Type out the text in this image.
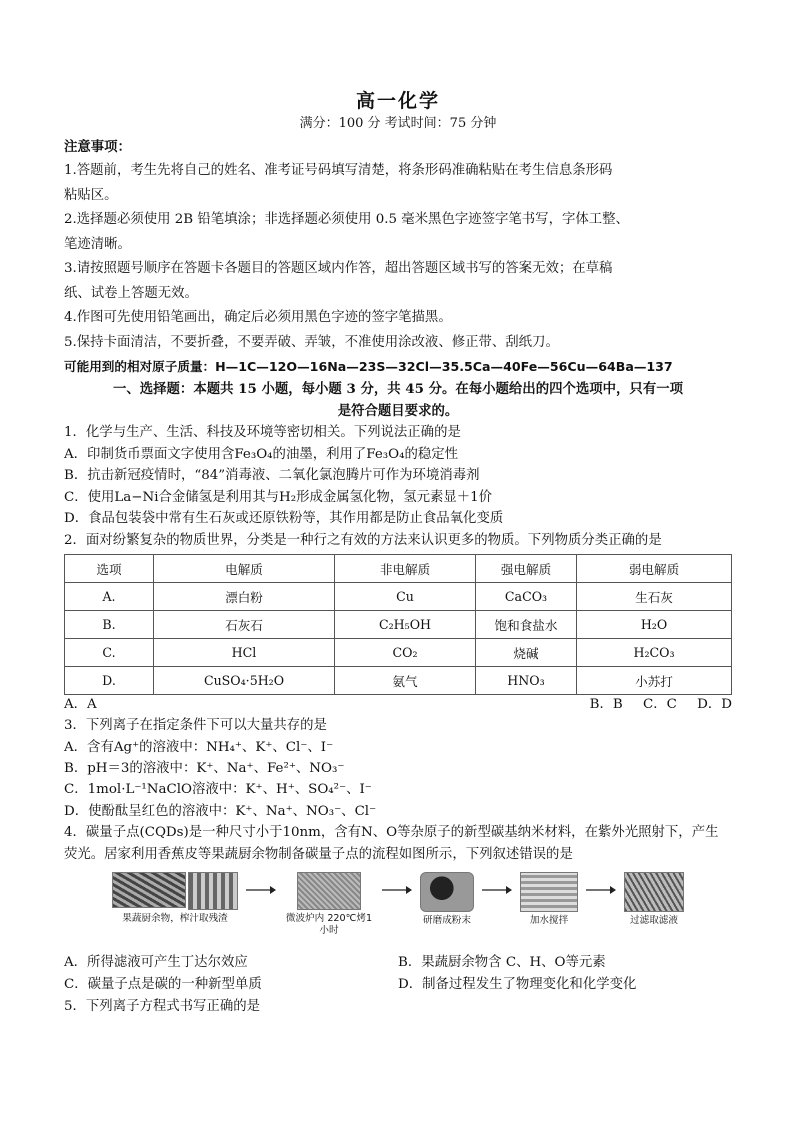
高一化学

满分：100 分 考试时间：75 分钟

注意事项：

1.答题前，考生先将自己的姓名、准考证号码填写清楚，将条形码准确粘贴在考生信息条形码

粘贴区。

2.选择题必须使用 2B 铅笔填涂；非选择题必须使用 0.5 毫米黑色字迹签字笔书写，字体工整、

笔迹清晰。

3.请按照题号顺序在答题卡各题目的答题区域内作答，超出答题区域书写的答案无效；在草稿

纸、试卷上答题无效。

4.作图可先使用铅笔画出，确定后必须用黑色字迹的签字笔描黑。

5.保持卡面清洁，不要折叠，不要弄破、弄皱，不准使用涂改液、修正带、刮纸刀。

可能用到的相对原子质量：H—1C—12O—16Na—23S—32Cl—35.5Ca—40Fe—56Cu—64Ba—137
一、选择题：本题共 15 小题，每小题 3 分，共 45 分。在每小题给出的四个选项中，只有一项
是符合题目要求的。

1．化学与生产、生活、科技及环境等密切相关。下列说法正确的是

A．印制货币票面文字使用含Fe₃O₄的油墨，利用了Fe₃O₄的稳定性

B．抗击新冠疫情时，“84”消毒液、二氧化氯泡腾片可作为环境消毒剂

C．使用La−Ni合金储氢是利用其与H₂形成金属氢化物，氢元素显＋1价

D．食品包装袋中常有生石灰或还原铁粉等，其作用都是防止食品氧化变质

2．面对纷繁复杂的物质世界，分类是一种行之有效的方法来认识更多的物质。下列物质分类正确的是

选项	电解质	非电解质	强电解质	弱电解质
A.	漂白粉	Cu	CaCO₃	生石灰
B.	石灰石	C₂H₅OH	饱和食盐水	H₂O
C.	HCl	CO₂	烧碱	H₂CO₃
D.	CuSO₄·5H₂O	氨气	HNO₃	小苏打
A．A	B．B C．C D．D

3．下列离子在指定条件下可以大量共存的是

A．含有Ag⁺的溶液中：NH₄⁺、K⁺、Cl⁻、I⁻

B．pH＝3的溶液中：K⁺、Na⁺、Fe²⁺、NO₃⁻

C．1mol·L⁻¹NaClO溶液中：K⁺、H⁺、SO₄²⁻、I⁻

D．使酚酞呈红色的溶液中：K⁺、Na⁺、NO₃⁻、Cl⁻

4．碳量子点(CQDs)是一种尺寸小于10nm，含有N、O等杂原子的新型碳基纳米材料，在紫外光照射下，产生

荧光。居家利用香蕉皮等果蔬厨余物制备碳量子点的流程如图所示，下列叙述错误的是

果蔬厨余物，榨汁取残渣	微波炉内 220℃烤1小时
研磨成粉末	加水搅拌	过滤取滤液
A．所得滤液可产生丁达尔效应	B．果蔬厨余物含 C、H、O等元素
C．碳量子点是碳的一种新型单质	D．制备过程发生了物理变化和化学变化

5．下列离子方程式书写正确的是
